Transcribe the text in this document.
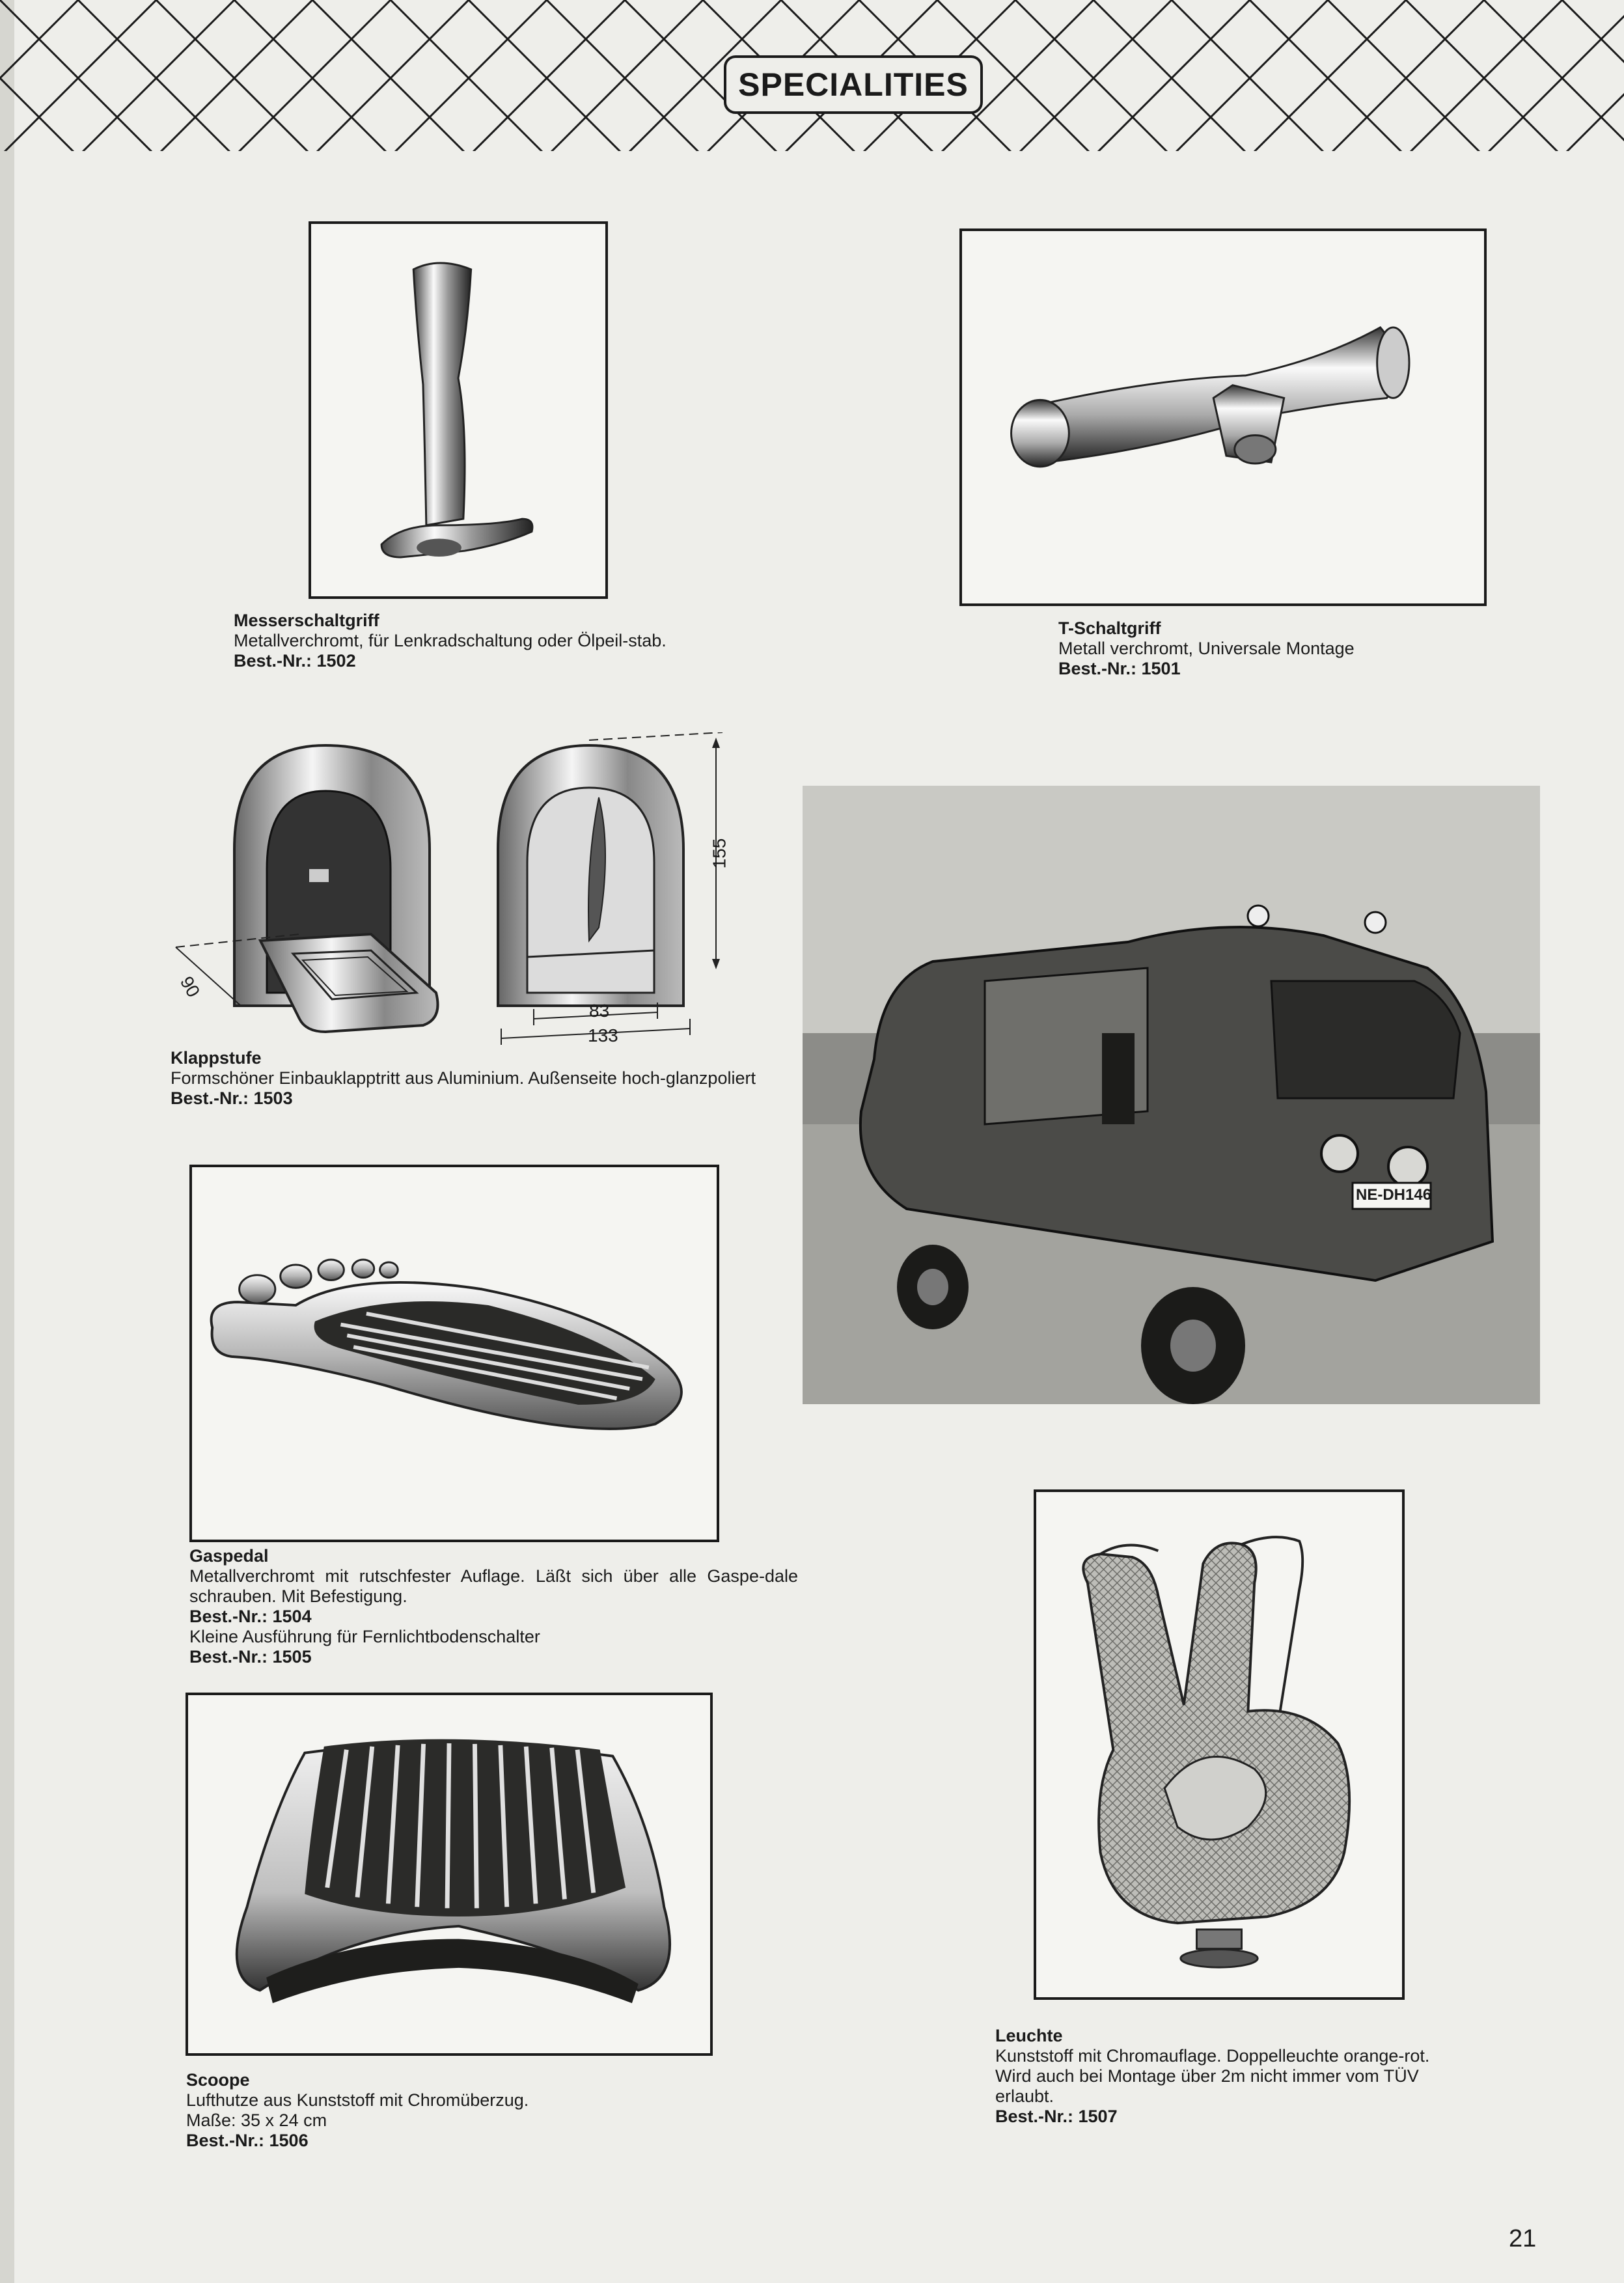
SPECIALITIES
Messerschaltgriff
Metallverchromt, für Lenkradschaltung oder Ölpeil-stab.
Best.-Nr.: 1502
T-Schaltgriff
Metall verchromt, Universale Montage
Best.-Nr.: 1501
155
90
83
133
Klappstufe
Formschöner Einbauklapptritt aus Aluminium. Außenseite hoch-glanzpoliert
Best.-Nr.: 1503
NE-DH146
Gaspedal
Metallverchromt mit rutschfester Auflage. Läßt sich über alle Gaspe-dale schrauben. Mit Befestigung.
Best.-Nr.: 1504
Kleine Ausführung für Fernlichtbodenschalter
Best.-Nr.: 1505
Scoope
Lufthutze aus Kunststoff mit Chromüberzug.
Maße: 35 x 24 cm
Best.-Nr.: 1506
Leuchte
Kunststoff mit Chromauflage. Doppelleuchte orange-rot. Wird auch bei Montage über 2m nicht immer vom TÜV erlaubt.
Best.-Nr.: 1507
21
